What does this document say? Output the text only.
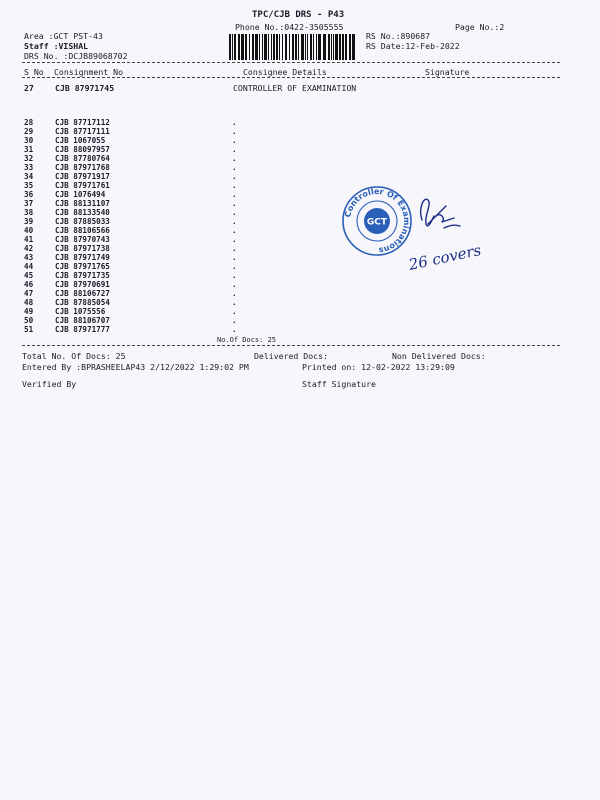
TPC/CJB DRS - P43
Phone No.:0422-3505555	Page No.:2
Area :GCT PST-43
Staff :VISHAL
DRS No. :DCJB89068702
RS No.:890687
RS Date:12-Feb-2022
S No Consignment No	Consignee Details	Signature
27	CJB 87971745	CONTROLLER OF EXAMINATION
28	CJB 87717112	.
29	CJB 87717111	.
30	CJB 1067055	.
31	CJB 88097957	.
32	CJB 87780764	.
33	CJB 87971768	.
34	CJB 87971917	.
35	CJB 87971761	.
36	CJB 1076494	.
37	CJB 88131107	.
38	CJB 88133540	.
39	CJB 87885033	.
40	CJB 88106566	.
41	CJB 87970743	.
42	CJB 87971738	.
43	CJB 87971749	.
44	CJB 87971765	.
45	CJB 87971735	.
46	CJB 87970691	.
47	CJB 88106727	.
48	CJB 87885054	.
49	CJB 1075556	.
50	CJB 88106707	.
51	CJB 87971777	.
No.Of Docs: 25
Total No. Of Docs: 25	Delivered Docs:	Non Delivered Docs:
Entered By :BPRASHEELAP43 2/12/2022 1:29:02 PM	Printed on: 12-02-2022 13:29:09
Verified By	Staff Signature
Controller Of Examinations
GCT
26 covers
